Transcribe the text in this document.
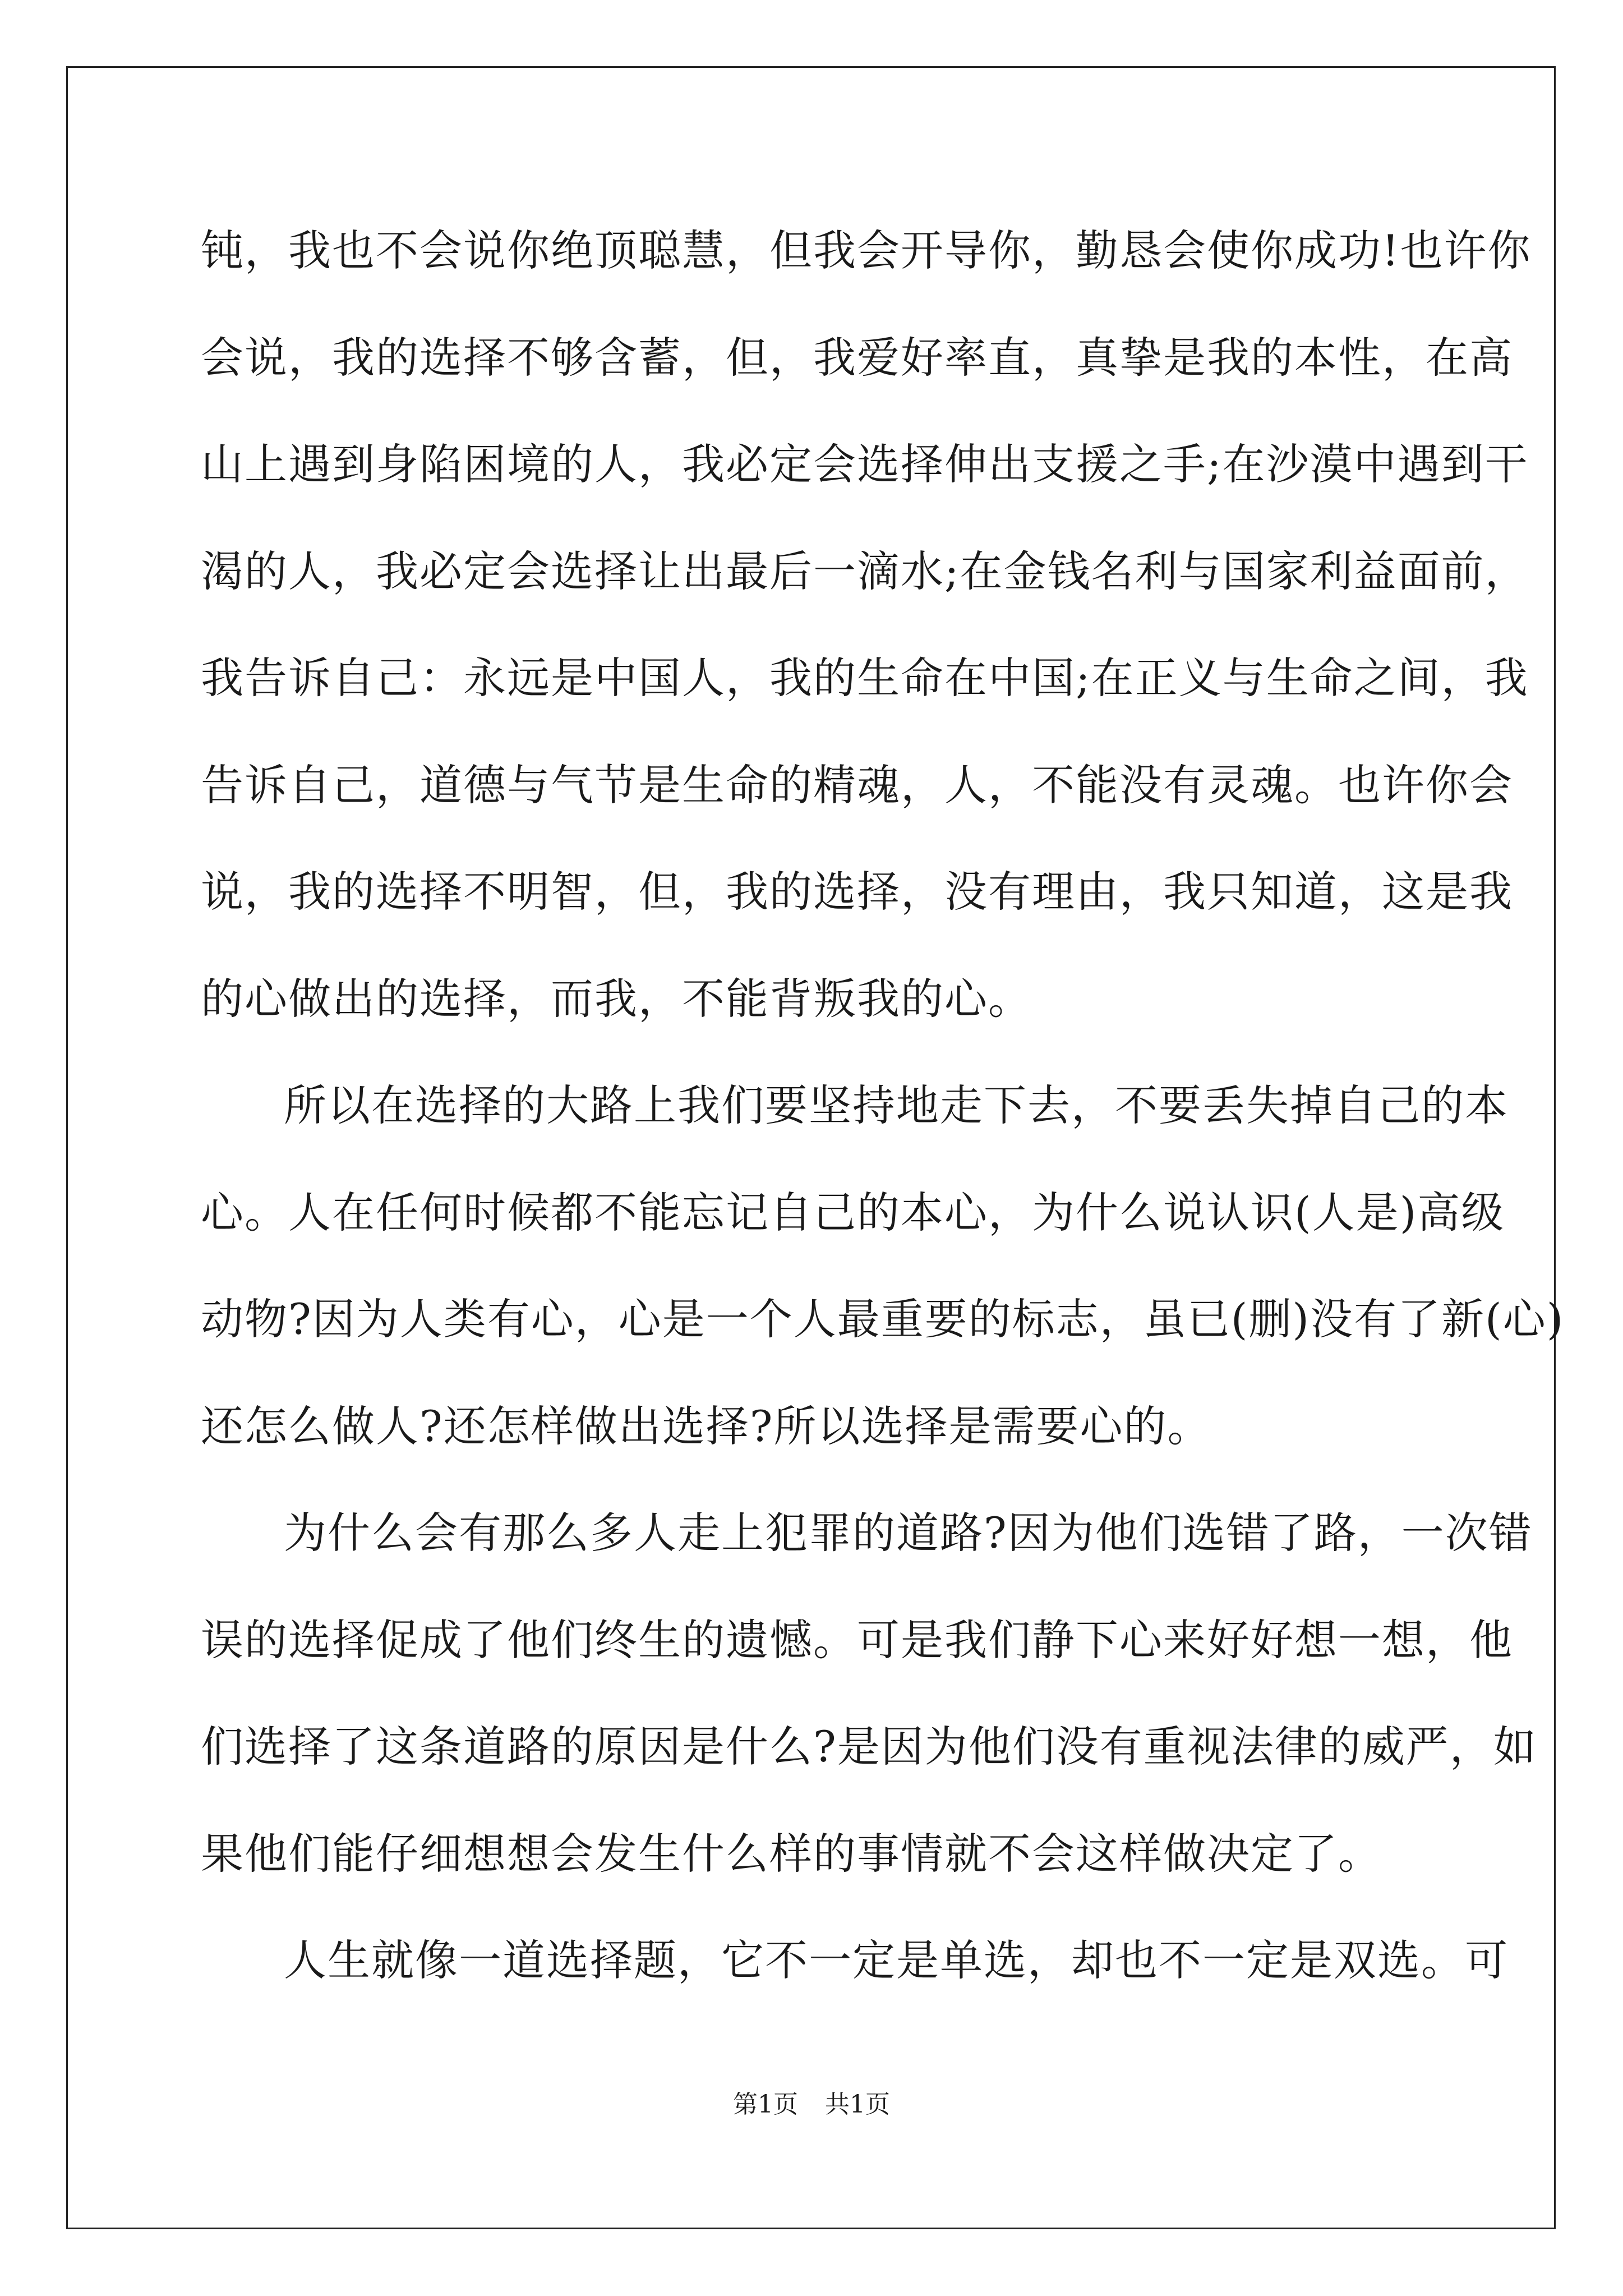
钝，我也不会说你绝顶聪慧，但我会开导你，勤恳会使你成功!也许你
会说，我的选择不够含蓄，但，我爱好率直，真挚是我的本性，在高
山上遇到身陷困境的人，我必定会选择伸出支援之手;在沙漠中遇到干
渴的人，我必定会选择让出最后一滴水;在金钱名利与国家利益面前，
我告诉自己：永远是中国人，我的生命在中国;在正义与生命之间，我
告诉自己，道德与气节是生命的精魂，人，不能没有灵魂。也许你会
说，我的选择不明智，但，我的选择，没有理由，我只知道，这是我
的心做出的选择，而我，不能背叛我的心。
所以在选择的大路上我们要坚持地走下去，不要丢失掉自己的本
心。人在任何时候都不能忘记自己的本心，为什么说认识(人是)高级
动物?因为人类有心，心是一个人最重要的标志，虽已(删)没有了新(心)
还怎么做人?还怎样做出选择?所以选择是需要心的。
为什么会有那么多人走上犯罪的道路?因为他们选错了路，一次错
误的选择促成了他们终生的遗憾。可是我们静下心来好好想一想，他
们选择了这条道路的原因是什么?是因为他们没有重视法律的威严，如
果他们能仔细想想会发生什么样的事情就不会这样做决定了。
人生就像一道选择题，它不一定是单选，却也不一定是双选。可
第1页 共1页
